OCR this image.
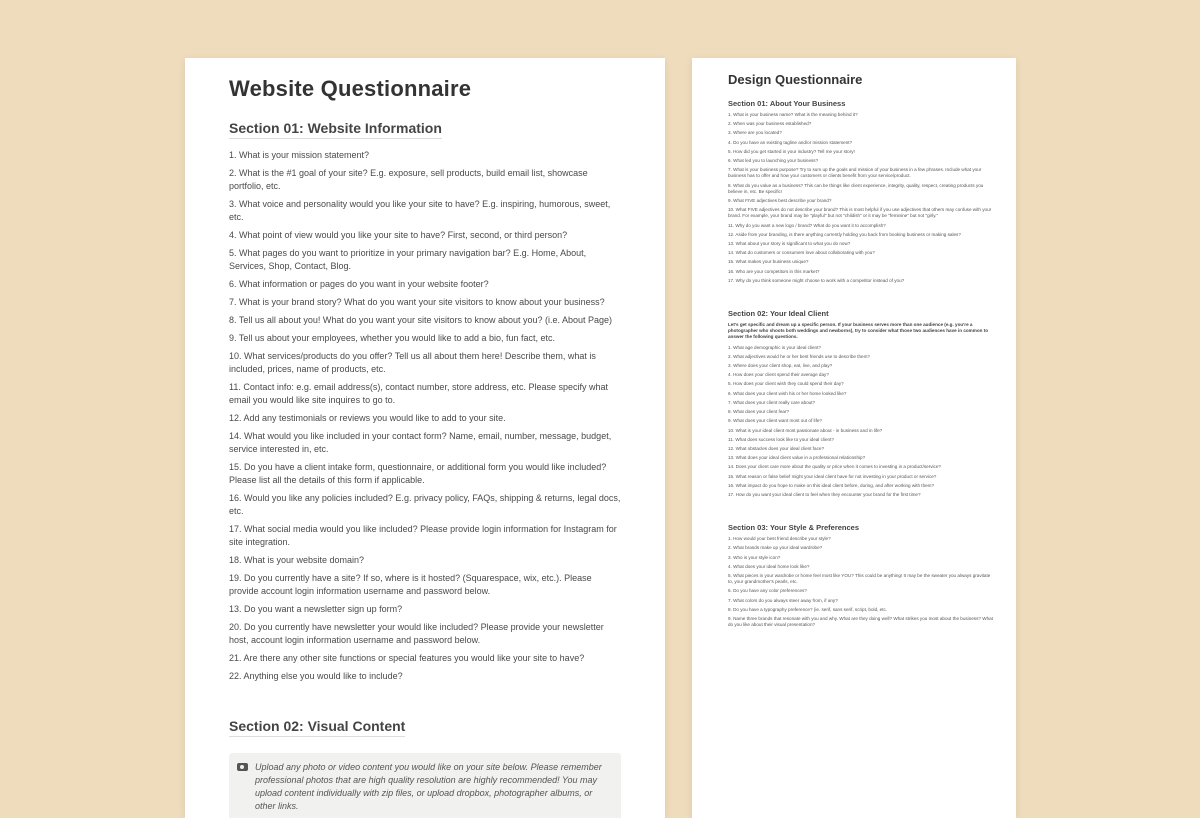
Website Questionnaire
Section 01: Website Information
1. What is your mission statement?
2. What is the #1 goal of your site? E.g. exposure, sell products, build email list, showcase portfolio, etc.
3. What voice and personality would you like your site to have? E.g. inspiring, humorous, sweet, etc.
4. What point of view would you like your site to have? First, second, or third person?
5. What pages do you want to prioritize in your primary navigation bar? E.g. Home, About, Services, Shop, Contact, Blog.
6. What information or pages do you want in your website footer?
7. What is your brand story? What do you want your site visitors to know about your business?
8. Tell us all about you! What do you want your site visitors to know about you? (i.e. About Page)
9. Tell us about your employees, whether you would like to add a bio, fun fact, etc.
10. What services/products do you offer? Tell us all about them here! Describe them, what is included, prices, name of products, etc.
11. Contact info: e.g. email address(s), contact number, store address, etc. Please specify what email you would like site inquires to go to.
12. Add any testimonials or reviews you would like to add to your site.
14. What would you like included in your contact form? Name, email, number, message, budget, service interested in, etc.
15. Do you have a client intake form, questionnaire, or additional form you would like included? Please list all the details of this form if applicable.
16. Would you like any policies included? E.g. privacy policy, FAQs, shipping & returns, legal docs, etc.
17. What social media would you like included? Please provide login information for Instagram for site integration.
18. What is your website domain?
19. Do you currently have a site? If so, where is it hosted? (Squarespace, wix, etc.). Please provide account login information username and password below.
13. Do you want a newsletter sign up form?
20. Do you currently have newsletter your would like included? Please provide your newsletter host, account login information username and password below.
21. Are there any other site functions or special features you would like your site to have?
22. Anything else you would like to include?
Section 02: Visual Content
Upload any photo or video content you would like on your site below. Please remember professional photos that are high quality resolution are highly recommended! You may upload content individually with zip files, or upload dropbox, photographer albums, or other links.
Design Questionnaire
Section 01: About Your Business
1. What is your business name? What is the meaning behind it?
2. When was your business established?
3. Where are you located?
4. Do you have an existing tagline and/or mission statement?
5. How did you get started in your industry? Tell me your story!
6. What led you to launching your business?
7. What is your business purpose? Try to sum up the goals and mission of your business in a few phrases. Include what your business has to offer and how your customers or clients benefit from your service/product.
8. What do you value as a business? This can be things like client experience, integrity, quality, respect, creating products you believe in, etc. Be specific!
9. What FIVE adjectives best describe your brand?
10. What FIVE adjectives do not describe your brand? This is most helpful if you use adjectives that others may confuse with your brand. For example, your brand may be "playful" but not "childish" or it may be "feminine" but not "girly."
11. Why do you want a new logo / brand? What do you want it to accomplish?
12. Aside from your branding, is there anything currently holding you back from booking business or making sales?
13. What about your story is significant to what you do now?
14. What do customers or consumers love about collaborating with you?
15. What makes your business unique?
16. Who are your competitors in this market?
17. Why do you think someone might choose to work with a competitor instead of you?
Section 02: Your Ideal Client
Let's get specific and dream up a specific person. If your business serves more than one audience (e.g. you're a photographer who shoots both weddings and newborns), try to consider what those two audiences have in common to answer the following questions.
1. What age demographic is your ideal client?
2. What adjectives would he or her best friends use to describe them?
3. Where does your client shop, eat, live, and play?
4. How does your client spend their average day?
5. How does your client wish they could spend their day?
6. What does your client wish his or her home looked like?
7. What does your client really care about?
8. What does your client fear?
9. What does your client want most out of life?
10. What is your ideal client most passionate about - in business and in life?
11. What does success look like to your ideal client?
12. What obstacles does your ideal client face?
13. What does your ideal client value in a professional relationship?
14. Does your client care more about the quality or price when it comes to investing in a product/service?
15. What reason or false belief might your ideal client have for not investing in your product or service?
16. What impact do you hope to make on this ideal client before, during, and after working with them?
17. How do you want your ideal client to feel when they encounter your brand for the first time?
Section 03: Your Style & Preferences
1. How would your best friend describe your style?
2. What brands make up your ideal wardrobe?
3. Who is your style icon?
4. What does your ideal home look like?
5. What pieces in your wardrobe or home feel most like YOU? This could be anything! It may be the sweater you always gravitate to, your grandmother's pearls, etc.
6. Do you have any color preferences?
7. What colors do you always steer away from, if any?
8. Do you have a typography preference? (ie. serif, sans serif, script, bold, etc.
9. Name three brands that resonate with you and why. What are they doing well? What strikes you most about the business? What do you like about their visual presentation?
